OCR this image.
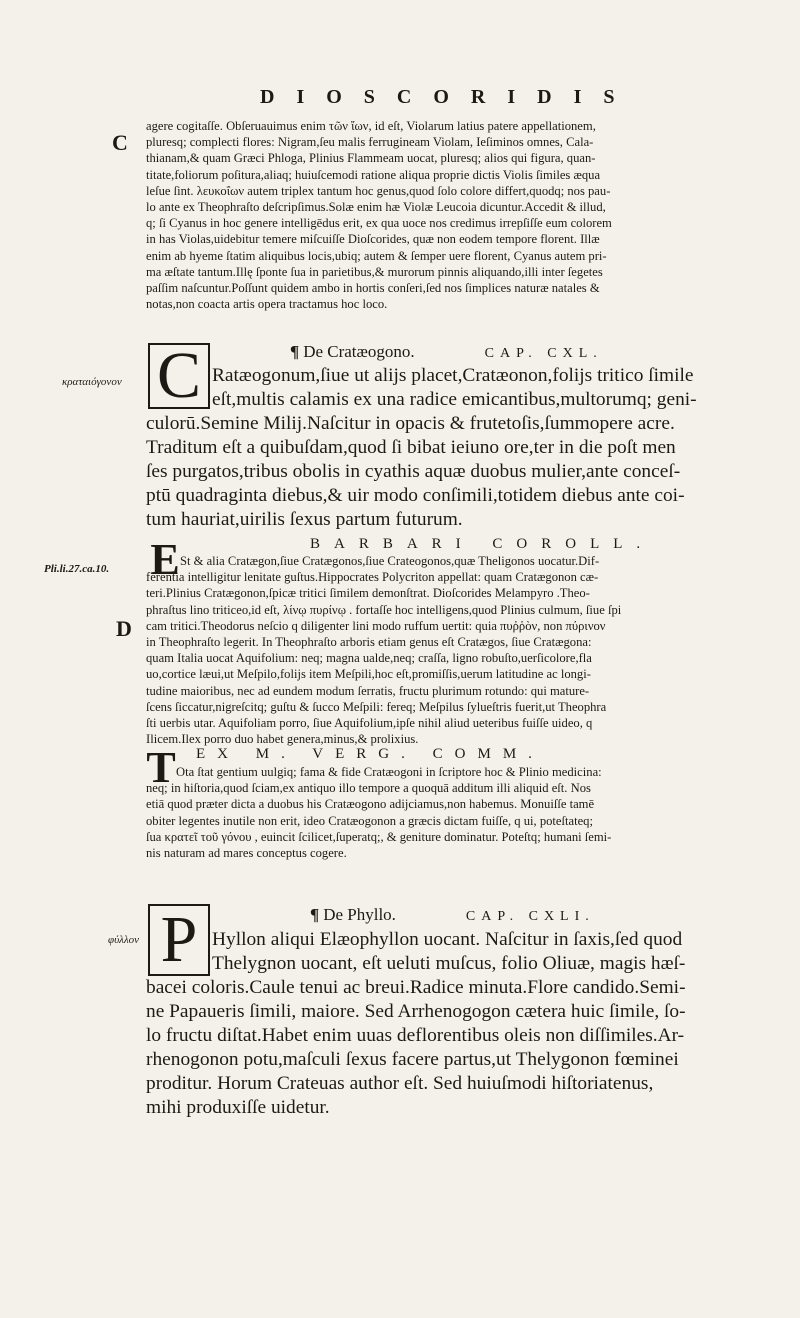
DIOSCORIDIS
C
κραταιόγονον
Pli.li.27.ca.10.
D
φύλλον

agere cogitaſſe. Obſeruauimus enim τῶν ἴων, id eſt, Violarum latius patere appellationem,

pluresq; complecti flores: Nigram,ſeu malis ferrugineam Violam, Ieſiminos omnes, Cala-

thianam,& quam Græci Phloga, Plinius Flammeam uocat, pluresq; alios qui figura, quan-

titate,foliorum poſitura,aliaq; huiuſcemodi ratione aliqua proprie dictis Violis ſimiles æqua

leſue ſint. λευκοΐων autem triplex tantum hoc genus,quod ſolo colore differt,quodq; nos pau-

lo ante ex Theophraſto deſcripſimus.Solæ enim hæ Violæ Leucoia dicuntur.Accedit & illud,

q; ſi Cyanus in hoc genere intelligēdus erit, ex qua uoce nos credimus irrepſiſſe eum colorem

in has Violas,uidebitur temere miſcuiſſe Dioſcorides, quæ non eodem tempore florent. Illæ

enim ab hyeme ſtatim aliquibus locis,ubiq; autem & ſemper uere florent, Cyanus autem pri-

ma æſtate tantum.Illę ſponte ſua in parietibus,& murorum pinnis aliquando,illi inter ſegetes

paſſim naſcuntur.Poſſunt quidem ambo in hortis conſeri,ſed nos ſimplices naturæ natales &

notas,non coacta artis opera tractamus hoc loco.

¶ De Cratæogono.	CAP. CXL.
C Ratæogonum,ſiue ut alijs placet,Cratæonon,folijs tritico ſimile

eſt,multis calamis ex una radice emicantibus,multorumq; geni-

culorū.Semine Milij.Naſcitur in opacis & frutetoſis,ſummopere acre.

Traditum eſt a quibuſdam,quod ſi bibat ieiuno ore,ter in die poſt men

ſes purgatos,tribus obolis in cyathis aquæ duobus mulier,ante conceſ-

ptū quadraginta diebus,& uir modo conſimili,totidem diebus ante coi-

tum hauriat,uirilis ſexus partum futurum.

BARBARI COROLL.
E St & alia Cratægon,ſiue Cratægonos,ſiue Crateogonos,quæ Theligonos uocatur.Dif-

ferentia intelligitur lenitate guſtus.Hippocrates Polycriton appellat: quam Cratægonon cæ-

teri.Plinius Cratægonon,ſpicæ tritici ſimilem demonſtrat. Dioſcorides Melampyro .Theo-

phraſtus lino triticeo,id eſt, λίνῳ πυρίνῳ . fortaſſe hoc intelligens,quod Plinius culmum, ſiue ſpi

cam tritici.Theodorus neſcio q diligenter lini modo ruffum uertit: quia πυῤῥὸν, non πύρινον

in Theophraſto legerit. In Theophraſto arboris etiam genus eſt Cratægos, ſiue Cratægona:

quam Italia uocat Aquifolium: neq; magna ualde,neq; craſſa, ligno robuſto,uerſicolore,fla

uo,cortice læui,ut Meſpilo,folijs item Meſpili,hoc eſt,promiſſis,uerum latitudine ac longi-

tudine maioribus, nec ad eundem modum ſerratis, fructu plurimum rotundo: qui mature-

ſcens ſiccatur,nigreſcitq; guſtu & ſucco Meſpili: fereq; Meſpilus ſylueſtris fuerit,ut Theophra

ſti uerbis utar. Aquifoliam porro, ſiue Aquifolium,ipſe nihil aliud ueteribus fuiſſe uideo, q

Ilicem.Ilex porro duo habet genera,minus,& prolixius.

EX M. VERG. COMM.
T Ota ſtat gentium uulgiq; fama & fide Cratæogoni in ſcriptore hoc & Plinio medicina:

neq; in hiſtoria,quod ſciam,ex antiquo illo tempore a quoquā additum illi aliquid eſt. Nos

etiā quod præter dicta a duobus his Cratæogono adijciamus,non habemus. Monuiſſe tamē

obiter legentes inutile non erit, ideo Cratæogonon a græcis dictam fuiſſe, q ui, poteſtateq;

ſua κρατεῖ τοῦ γόνου , euincit ſcilicet,ſuperatq;, & geniture dominatur. Poteſtq; humani ſemi-

nis naturam ad mares conceptus cogere.

¶ De Phyllo.	CAP. CXLI.
P Hyllon aliqui Elæophyllon uocant. Naſcitur in ſaxis,ſed quod

Thelygnon uocant, eſt ueluti muſcus, folio Oliuæ, magis hæſ-

bacei coloris.Caule tenui ac breui.Radice minuta.Flore candido.Semi-

ne Papaueris ſimili, maiore. Sed Arrhenogogon cætera huic ſimile, ſo-

lo fructu diſtat.Habet enim uuas deflorentibus oleis non diſſimiles.Ar-

rhenogonon potu,maſculi ſexus facere partus,ut Thelygonon fœminei

proditur. Horum Crateuas author eſt. Sed huiuſmodi hiſtoriatenus,

mihi produxiſſe uidetur.
